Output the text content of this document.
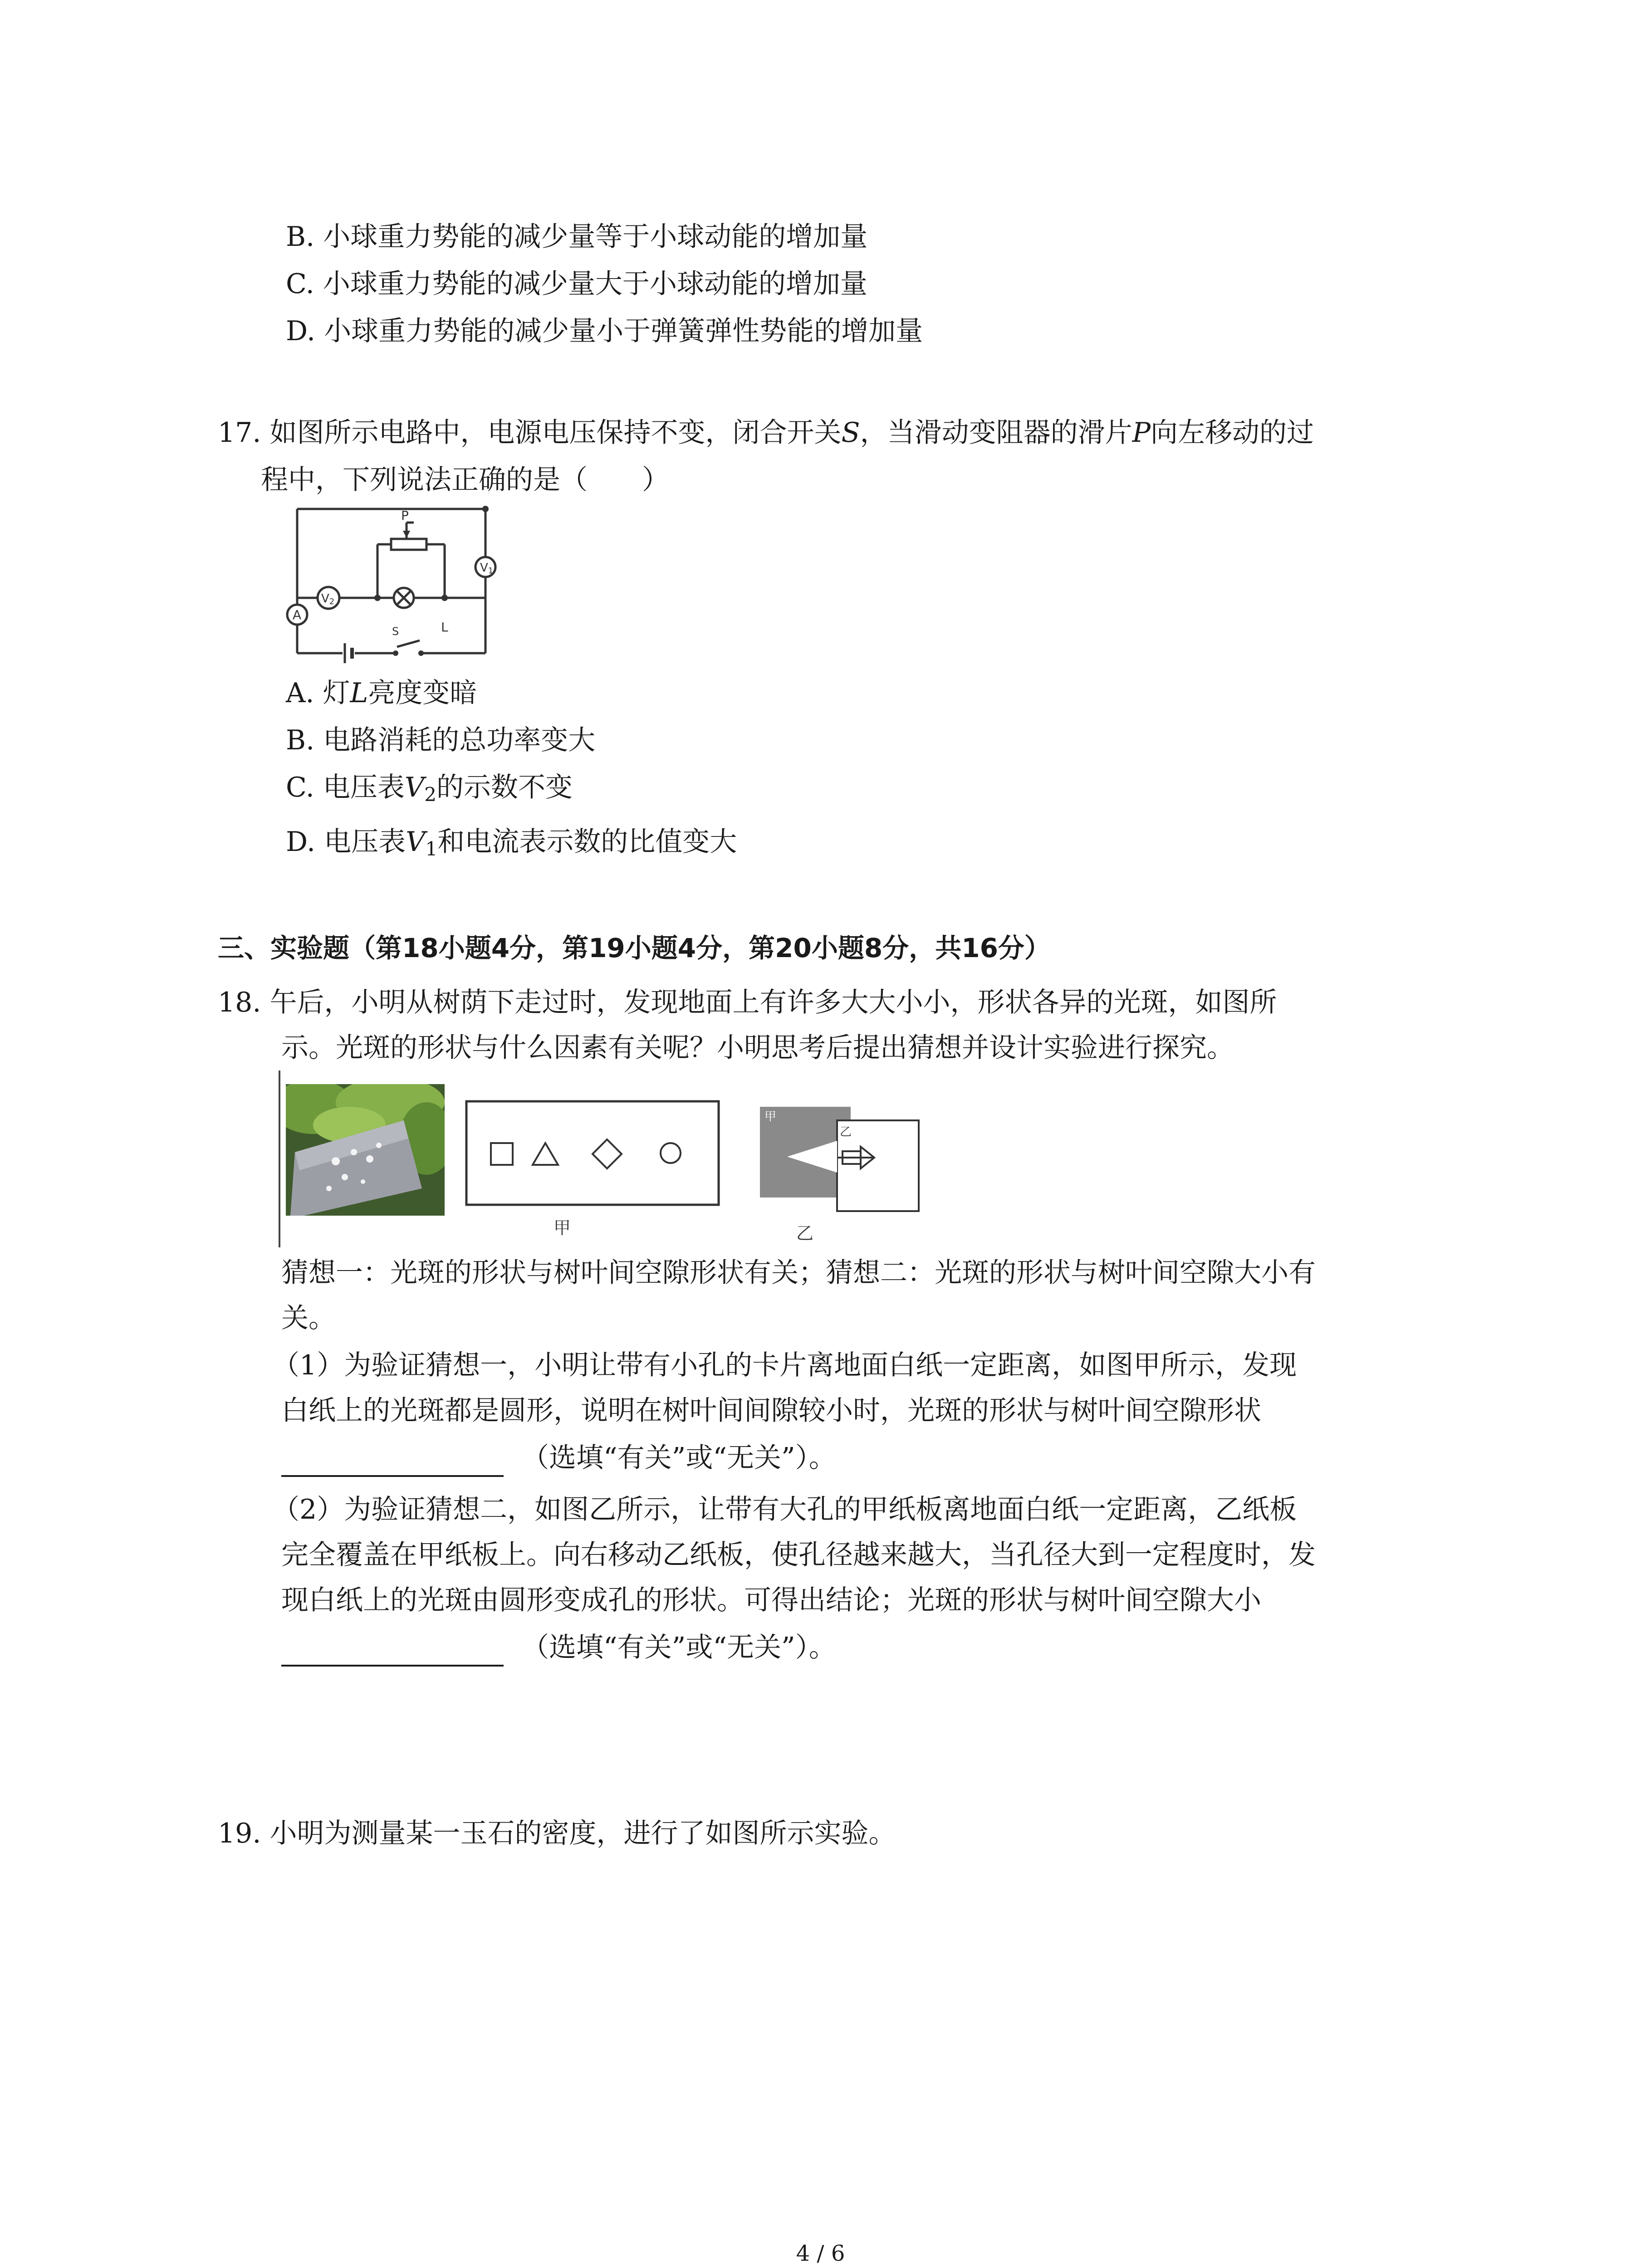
B. 小球重力势能的减少量等于小球动能的增加量
C. 小球重力势能的减少量大于小球动能的增加量
D. 小球重力势能的减少量小于弹簧弹性势能的增加量
17. 如图所示电路中，电源电压保持不变，闭合开关S，当滑动变阻器的滑片P向左移动的过
程中，下列说法正确的是（　　）
P
V1
V2
A
S	L
A. 灯L亮度变暗
B. 电路消耗的总功率变大
C. 电压表$V_2$的示数不变
D. 电压表$V_1$和电流表示数的比值变大
三、实验题（第18小题4分，第19小题4分，第20小题8分，共16分）
18. 午后，小明从树荫下走过时，发现地面上有许多大大小小，形状各异的光斑，如图所
示。光斑的形状与什么因素有关呢？小明思考后提出猜想并设计实验进行探究。
甲
甲
乙
乙
猜想一：光斑的形状与树叶间空隙形状有关；猜想二：光斑的形状与树叶间空隙大小有
关。
（1）为验证猜想一，小明让带有小孔的卡片离地面白纸一定距离，如图甲所示，发现
白纸上的光斑都是圆形，说明在树叶间间隙较小时，光斑的形状与树叶间空隙形状
（选填“有关”或“无关”）。
（2）为验证猜想二，如图乙所示，让带有大孔的甲纸板离地面白纸一定距离，乙纸板
完全覆盖在甲纸板上。向右移动乙纸板，使孔径越来越大，当孔径大到一定程度时，发
现白纸上的光斑由圆形变成孔的形状。可得出结论；光斑的形状与树叶间空隙大小
（选填“有关”或“无关”）。
19. 小明为测量某一玉石的密度，进行了如图所示实验。
4 / 6
